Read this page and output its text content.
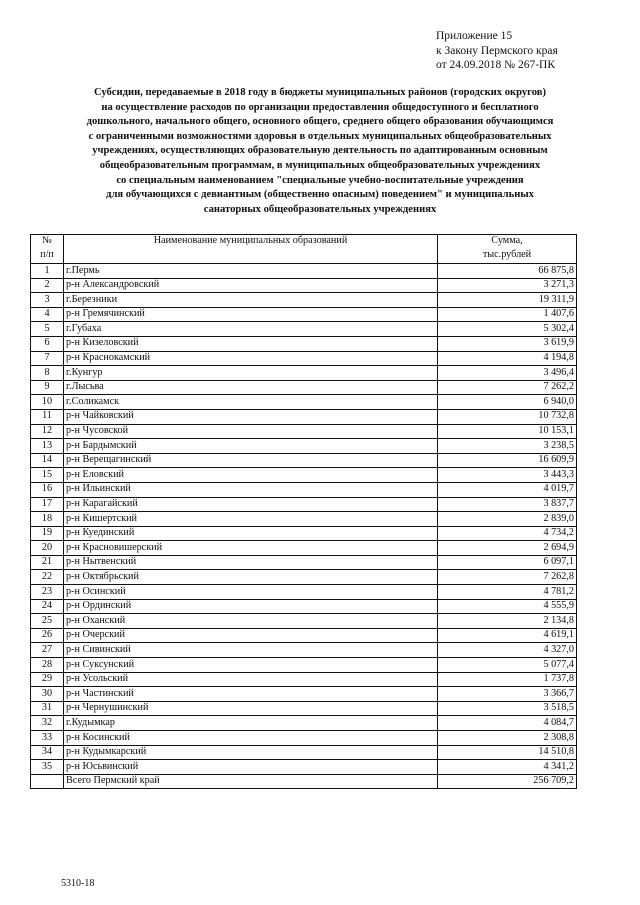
Приложение 15
к Закону Пермского края
от 24.09.2018 № 267-ПК
Субсидии, передаваемые в 2018 году в бюджеты муниципальных районов (городских округов)
на осуществление расходов по организации предоставления общедоступного и бесплатного
дошкольного, начального общего, основного общего, среднего общего образования обучающимся
с ограниченными возможностями здоровья в отдельных муниципальных общеобразовательных
учреждениях, осуществляющих образовательную деятельность по адаптированным основным
общеобразовательным программам, в муниципальных общеобразовательных учреждениях
со специальным наименованием "специальные учебно-воспитательные учреждения
для обучающихся с девиантным (общественно опасным) поведением" и муниципальных
санаторных общеобразовательных учреждениях
№	Наименование муниципальных образований	Сумма,
п/п		тыс.рублей
1	г.Пермь	66 875,8
2	р-н Александровский	3 271,3
3	г.Березники	19 311,9
4	р-н Гремячинский	1 407,6
5	г.Губаха	5 302,4
6	р-н Кизеловский	3 619,9
7	р-н Краснокамский	4 194,8
8	г.Кунгур	3 496,4
9	г.Лысьва	7 262,2
10	г.Соликамск	6 940,0
11	р-н Чайковский	10 732,8
12	р-н Чусовской	10 153,1
13	р-н Бардымский	3 238,5
14	р-н Верещагинский	16 609,9
15	р-н Еловский	3 443,3
16	р-н Ильинский	4 019,7
17	р-н Карагайский	3 837,7
18	р-н Кишертский	2 839,0
19	р-н Куединский	4 734,2
20	р-н Красновишерский	2 694,9
21	р-н Нытвенский	6 097,1
22	р-н Октябрьский	7 262,8
23	р-н Осинский	4 781,2
24	р-н Ординский	4 555,9
25	р-н Оханский	2 134,8
26	р-н Очерский	4 619,1
27	р-н Сивинский	4 327,0
28	р-н Суксунский	5 077,4
29	р-н Усольский	1 737,8
30	р-н Частинский	3 366,7
31	р-н Чернушинский	3 518,5
32	г.Кудымкар	4 084,7
33	р-н Косинский	2 308,8
34	р-н Кудымкарский	14 510,8
35	р-н Юсьвинский	4 341,2
	Всего Пермский край	256 709,2
5310-18
